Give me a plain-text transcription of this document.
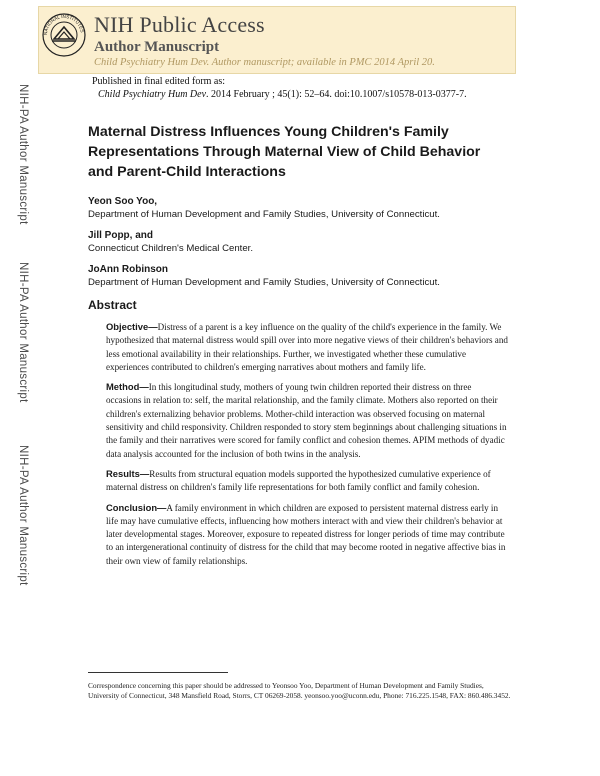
NATIONAL INSTITUTES NIH Public Access
Author Manuscript
Child Psychiatry Hum Dev. Author manuscript; available in PMC 2014 April 20.
Published in final edited form as:
Child Psychiatry Hum Dev. 2014 February ; 45(1): 52–64. doi:10.1007/s10578-013-0377-7.
NIH-PA Author Manuscript
NIH-PA Author Manuscript
NIH-PA Author Manuscript
Maternal Distress Influences Young Children's Family Representations Through Maternal View of Child Behavior and Parent-Child Interactions

Yeon Soo Yoo,

Department of Human Development and Family Studies, University of Connecticut.

Jill Popp, and

Connecticut Children's Medical Center.

JoAnn Robinson

Department of Human Development and Family Studies, University of Connecticut.

Abstract

Objective—Distress of a parent is a key influence on the quality of the child's experience in the family. We hypothesized that maternal distress would spill over into more negative views of their children's behaviors and less emotional availability in their relationships. Further, we investigated whether these cumulative experiences contributed to children's emerging narratives about mothers and family life.

Method—In this longitudinal study, mothers of young twin children reported their distress on three occasions in relation to: self, the marital relationship, and the family climate. Mothers also reported on their children's externalizing behavior problems. Mother-child interaction was observed focusing on maternal sensitivity and child responsivity. Children responded to story stem beginnings about challenging situations in the family and their narratives were scored for family conflict and cohesion themes. APIM methods of dyadic data analysis accounted for the inclusion of both twins in the analysis.

Results—Results from structural equation models supported the hypothesized cumulative experience of maternal distress on children's family life representations for both family conflict and family cohesion.

Conclusion—A family environment in which children are exposed to persistent maternal distress early in life may have cumulative effects, influencing how mothers interact with and view their children's behavior at later developmental stages. Moreover, exposure to repeated distress for longer periods of time may contribute to an intergenerational continuity of distress for the child that may become rooted in negative affective bias in their own view of family relationships.

Correspondence concerning this paper should be addressed to Yeonsoo Yoo, Department of Human Development and Family Studies, University of Connecticut, 348 Mansfield Road, Storrs, CT 06269-2058. yeonsoo.yoo@uconn.edu, Phone: 716.225.1548, FAX: 860.486.3452.
